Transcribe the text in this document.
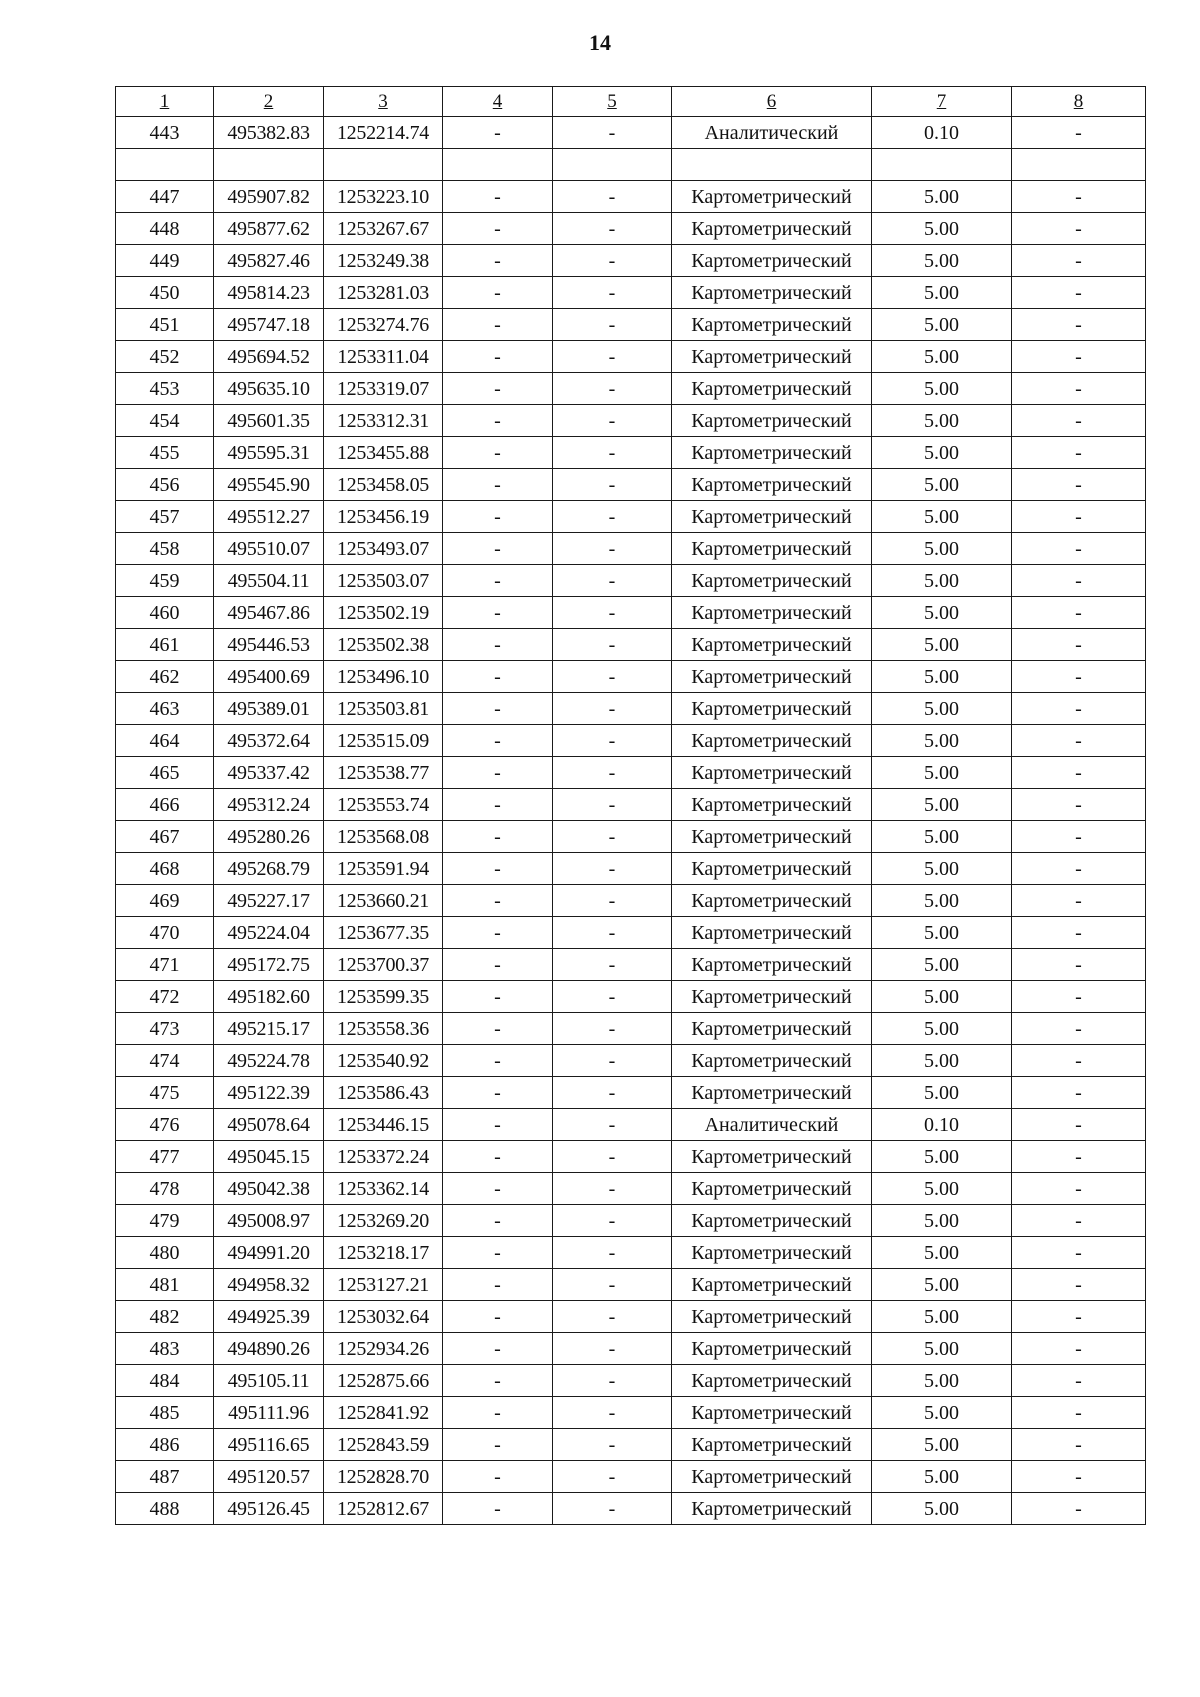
14
1	2	3	4	5	6	7	8
443	495382.83	1252214.74	-	-	Аналитический	0.10	-

447	495907.82	1253223.10	-	-	Картометрический	5.00	-
448	495877.62	1253267.67	-	-	Картометрический	5.00	-
449	495827.46	1253249.38	-	-	Картометрический	5.00	-
450	495814.23	1253281.03	-	-	Картометрический	5.00	-
451	495747.18	1253274.76	-	-	Картометрический	5.00	-
452	495694.52	1253311.04	-	-	Картометрический	5.00	-
453	495635.10	1253319.07	-	-	Картометрический	5.00	-
454	495601.35	1253312.31	-	-	Картометрический	5.00	-
455	495595.31	1253455.88	-	-	Картометрический	5.00	-
456	495545.90	1253458.05	-	-	Картометрический	5.00	-
457	495512.27	1253456.19	-	-	Картометрический	5.00	-
458	495510.07	1253493.07	-	-	Картометрический	5.00	-
459	495504.11	1253503.07	-	-	Картометрический	5.00	-
460	495467.86	1253502.19	-	-	Картометрический	5.00	-
461	495446.53	1253502.38	-	-	Картометрический	5.00	-
462	495400.69	1253496.10	-	-	Картометрический	5.00	-
463	495389.01	1253503.81	-	-	Картометрический	5.00	-
464	495372.64	1253515.09	-	-	Картометрический	5.00	-
465	495337.42	1253538.77	-	-	Картометрический	5.00	-
466	495312.24	1253553.74	-	-	Картометрический	5.00	-
467	495280.26	1253568.08	-	-	Картометрический	5.00	-
468	495268.79	1253591.94	-	-	Картометрический	5.00	-
469	495227.17	1253660.21	-	-	Картометрический	5.00	-
470	495224.04	1253677.35	-	-	Картометрический	5.00	-
471	495172.75	1253700.37	-	-	Картометрический	5.00	-
472	495182.60	1253599.35	-	-	Картометрический	5.00	-
473	495215.17	1253558.36	-	-	Картометрический	5.00	-
474	495224.78	1253540.92	-	-	Картометрический	5.00	-
475	495122.39	1253586.43	-	-	Картометрический	5.00	-
476	495078.64	1253446.15	-	-	Аналитический	0.10	-
477	495045.15	1253372.24	-	-	Картометрический	5.00	-
478	495042.38	1253362.14	-	-	Картометрический	5.00	-
479	495008.97	1253269.20	-	-	Картометрический	5.00	-
480	494991.20	1253218.17	-	-	Картометрический	5.00	-
481	494958.32	1253127.21	-	-	Картометрический	5.00	-
482	494925.39	1253032.64	-	-	Картометрический	5.00	-
483	494890.26	1252934.26	-	-	Картометрический	5.00	-
484	495105.11	1252875.66	-	-	Картометрический	5.00	-
485	495111.96	1252841.92	-	-	Картометрический	5.00	-
486	495116.65	1252843.59	-	-	Картометрический	5.00	-
487	495120.57	1252828.70	-	-	Картометрический	5.00	-
488	495126.45	1252812.67	-	-	Картометрический	5.00	-
